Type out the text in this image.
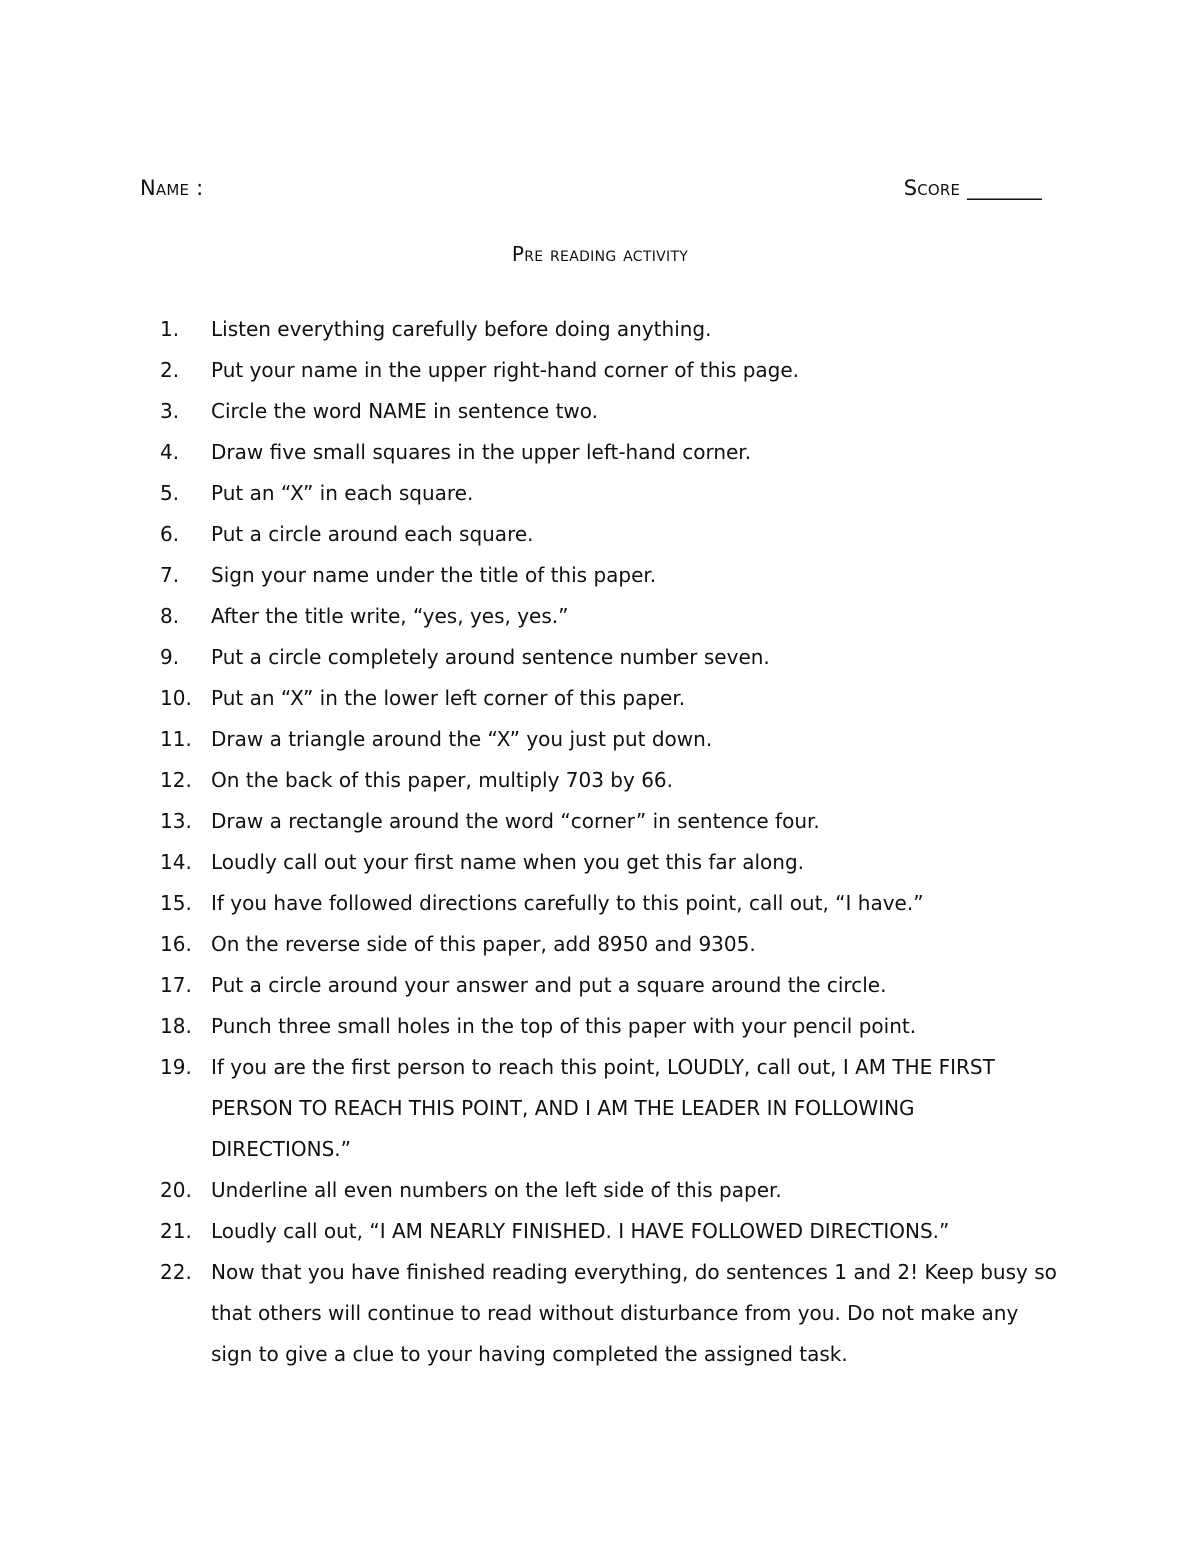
Name :	Score _______
Pre reading activity
1.	Listen everything carefully before doing anything.
2.	Put your name in the upper right-hand corner of this page.
3.	Circle the word NAME in sentence two.
4.	Draw five small squares in the upper left-hand corner.
5.	Put an “X” in each square.
6.	Put a circle around each square.
7.	Sign your name under the title of this paper.
8.	After the title write, “yes, yes, yes.”
9.	Put a circle completely around sentence number seven.
10. Put an “X” in the lower left corner of this paper.
11. Draw a triangle around the “X” you just put down.
12. On the back of this paper, multiply 703 by 66.
13. Draw a rectangle around the word “corner” in sentence four.
14. Loudly call out your first name when you get this far along.
15. If you have followed directions carefully to this point, call out, “I have.”
16. On the reverse side of this paper, add 8950 and 9305.
17. Put a circle around your answer and put a square around the circle.
18. Punch three small holes in the top of this paper with your pencil point.
19. If you are the first person to reach this point, LOUDLY, call out, I AM THE FIRST PERSON TO REACH THIS POINT, AND I AM THE LEADER IN FOLLOWING DIRECTIONS.”
20. Underline all even numbers on the left side of this paper.
21. Loudly call out, “I AM NEARLY FINISHED. I HAVE FOLLOWED DIRECTIONS.”
22. Now that you have finished reading everything, do sentences 1 and 2! Keep busy so that others will continue to read without disturbance from you. Do not make any sign to give a clue to your having completed the assigned task.
